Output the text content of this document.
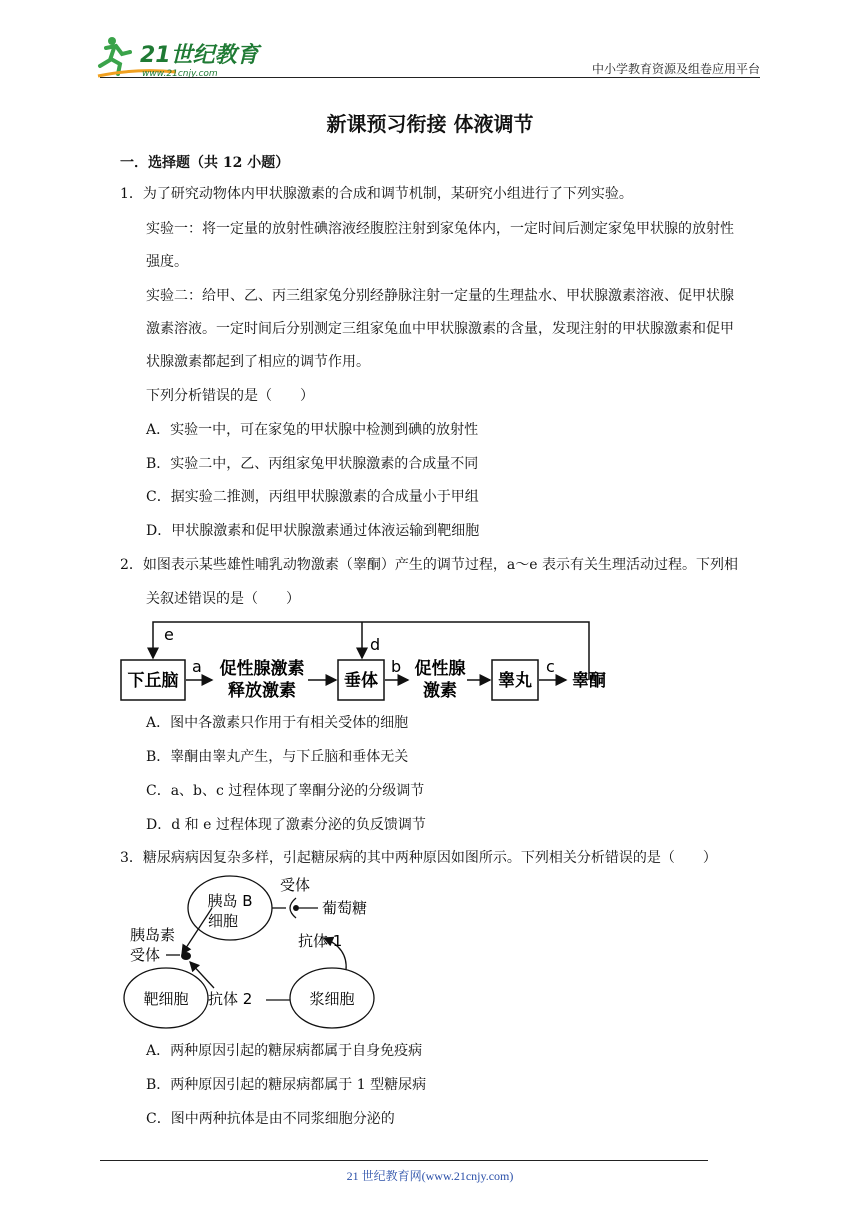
21世纪教育
www.21cnjy.com	中小学教育资源及组卷应用平台
新课预习衔接 体液调节
一．选择题（共 12 小题）
1．为了研究动物体内甲状腺激素的合成和调节机制，某研究小组进行了下列实验。
实验一：将一定量的放射性碘溶液经腹腔注射到家兔体内，一定时间后测定家兔甲状腺的放射性
强度。
实验二：给甲、乙、丙三组家兔分别经静脉注射一定量的生理盐水、甲状腺激素溶液、促甲状腺
激素溶液。一定时间后分别测定三组家兔血中甲状腺激素的含量，发现注射的甲状腺激素和促甲
状腺激素都起到了相应的调节作用。
下列分析错误的是（　　）
A．实验一中，可在家兔的甲状腺中检测到碘的放射性
B．实验二中，乙、丙组家兔甲状腺激素的合成量不同
C．据实验二推测，丙组甲状腺激素的合成量小于甲组
D．甲状腺激素和促甲状腺激素通过体液运输到靶细胞
2．如图表示某些雄性哺乳动物激素（睾酮）产生的调节过程，a～e 表示有关生理活动过程。下列相
关叙述错误的是（　　）
e
d
下丘脑	垂体	睾丸
a 促性腺激素
释放激素
b 促性腺
激素
c
睾酮
A．图中各激素只作用于有相关受体的细胞
B．睾酮由睾丸产生，与下丘脑和垂体无关
C．a、b、c 过程体现了睾酮分泌的分级调节
D．d 和 e 过程体现了激素分泌的负反馈调节
3．糖尿病病因复杂多样，引起糖尿病的其中两种原因如图所示。下列相关分析错误的是（　　）
胰岛 B
细胞
受体
葡萄糖
抗体 1
胰岛素
受体
靶细胞	浆细胞
抗体 2
A．两种原因引起的糖尿病都属于自身免疫病
B．两种原因引起的糖尿病都属于 1 型糖尿病
C．图中两种抗体是由不同浆细胞分泌的
21 世纪教育网(www.21cnjy.com)
